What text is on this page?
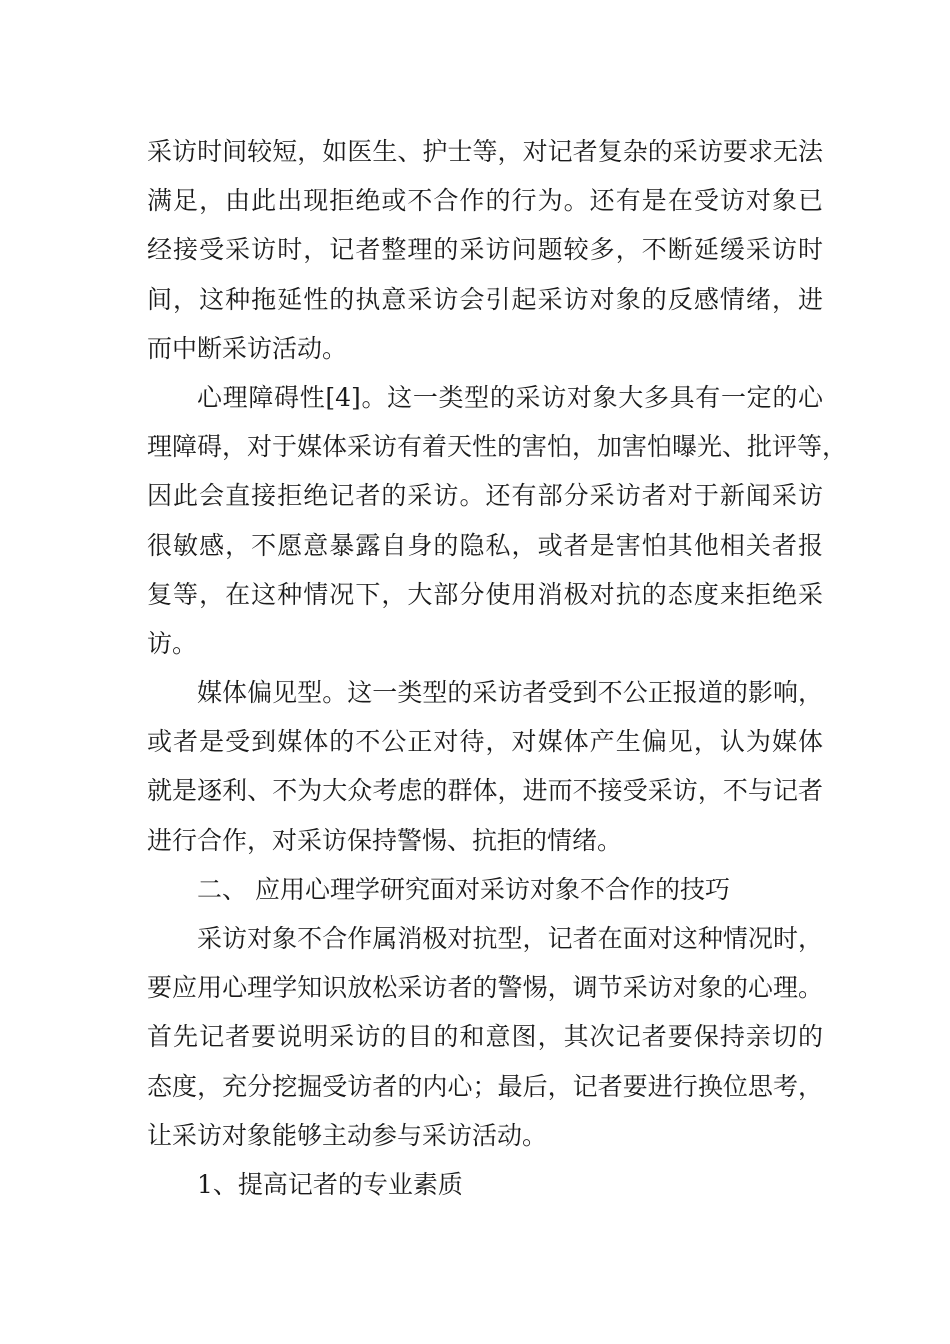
采访时间较短，如医生、护士等，对记者复杂的采访要求无法
满足，由此出现拒绝或不合作的行为。还有是在受访对象已
经接受采访时，记者整理的采访问题较多，不断延缓采访时
间，这种拖延性的执意采访会引起采访对象的反感情绪，进
而中断采访活动。
心理障碍性[4]。这一类型的采访对象大多具有一定的心
理障碍，对于媒体采访有着天性的害怕，加害怕曝光、批评等，
因此会直接拒绝记者的采访。还有部分采访者对于新闻采访
很敏感，不愿意暴露自身的隐私，或者是害怕其他相关者报
复等，在这种情况下，大部分使用消极对抗的态度来拒绝采
访。
媒体偏见型。这一类型的采访者受到不公正报道的影响，
或者是受到媒体的不公正对待，对媒体产生偏见，认为媒体
就是逐利、不为大众考虑的群体，进而不接受采访，不与记者
进行合作，对采访保持警惕、抗拒的情绪。
二、 应用心理学研究面对采访对象不合作的技巧
采访对象不合作属消极对抗型，记者在面对这种情况时，
要应用心理学知识放松采访者的警惕，调节采访对象的心理。
首先记者要说明采访的目的和意图，其次记者要保持亲切的
态度，充分挖掘受访者的内心；最后，记者要进行换位思考，
让采访对象能够主动参与采访活动。
1、提高记者的专业素质
